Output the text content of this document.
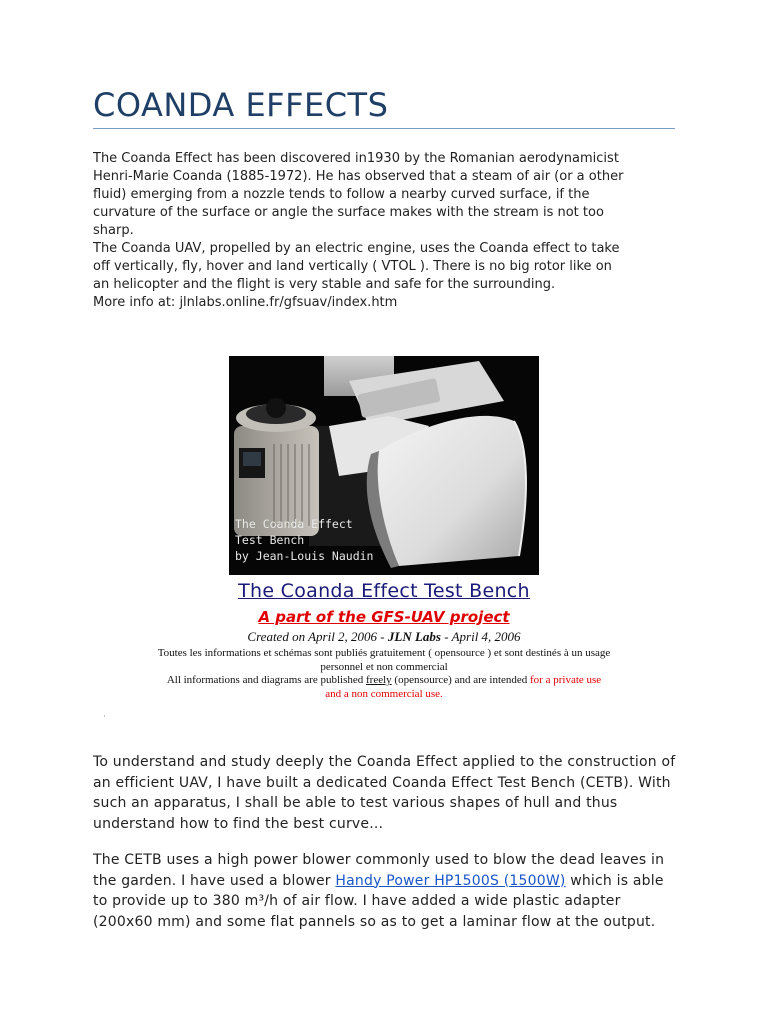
COANDA EFFECTS

The Coanda Effect has been discovered in1930 by the Romanian aerodynamicist

Henri-Marie Coanda (1885-1972). He has observed that a steam of air (or a other

fluid) emerging from a nozzle tends to follow a nearby curved surface, if the

curvature of the surface or angle the surface makes with the stream is not too

sharp.

The Coanda UAV, propelled by an electric engine, uses the Coanda effect to take

off vertically, fly, hover and land vertically ( VTOL ). There is no big rotor like on

an helicopter and the flight is very stable and safe for the surrounding.

More info at: jlnlabs.online.fr/gfsuav/index.htm

The Coanda Effect
Test Bench
by Jean-Louis Naudin
The Coanda Effect Test Bench
A part of the GFS-UAV project
Created on April 2, 2006 - JLN Labs - April 4, 2006
Toutes les informations et schémas sont publiés gratuitement ( opensource ) et sont destinés à un usage personnel et non commercial
All informations and diagrams are published freely (opensource) and are intended for a private use and a non commercial use.
·

To understand and study deeply the Coanda Effect applied to the construction of an efficient UAV, I have built a dedicated Coanda Effect Test Bench (CETB). With such an apparatus, I shall be able to test various shapes of hull and thus understand how to find the best curve...

The CETB uses a high power blower commonly used to blow the dead leaves in the garden. I have used a blower Handy Power HP1500S (1500W) which is able to provide up to 380 m³/h of air flow. I have added a wide plastic adapter (200x60 mm) and some flat pannels so as to get a laminar flow at the output.
